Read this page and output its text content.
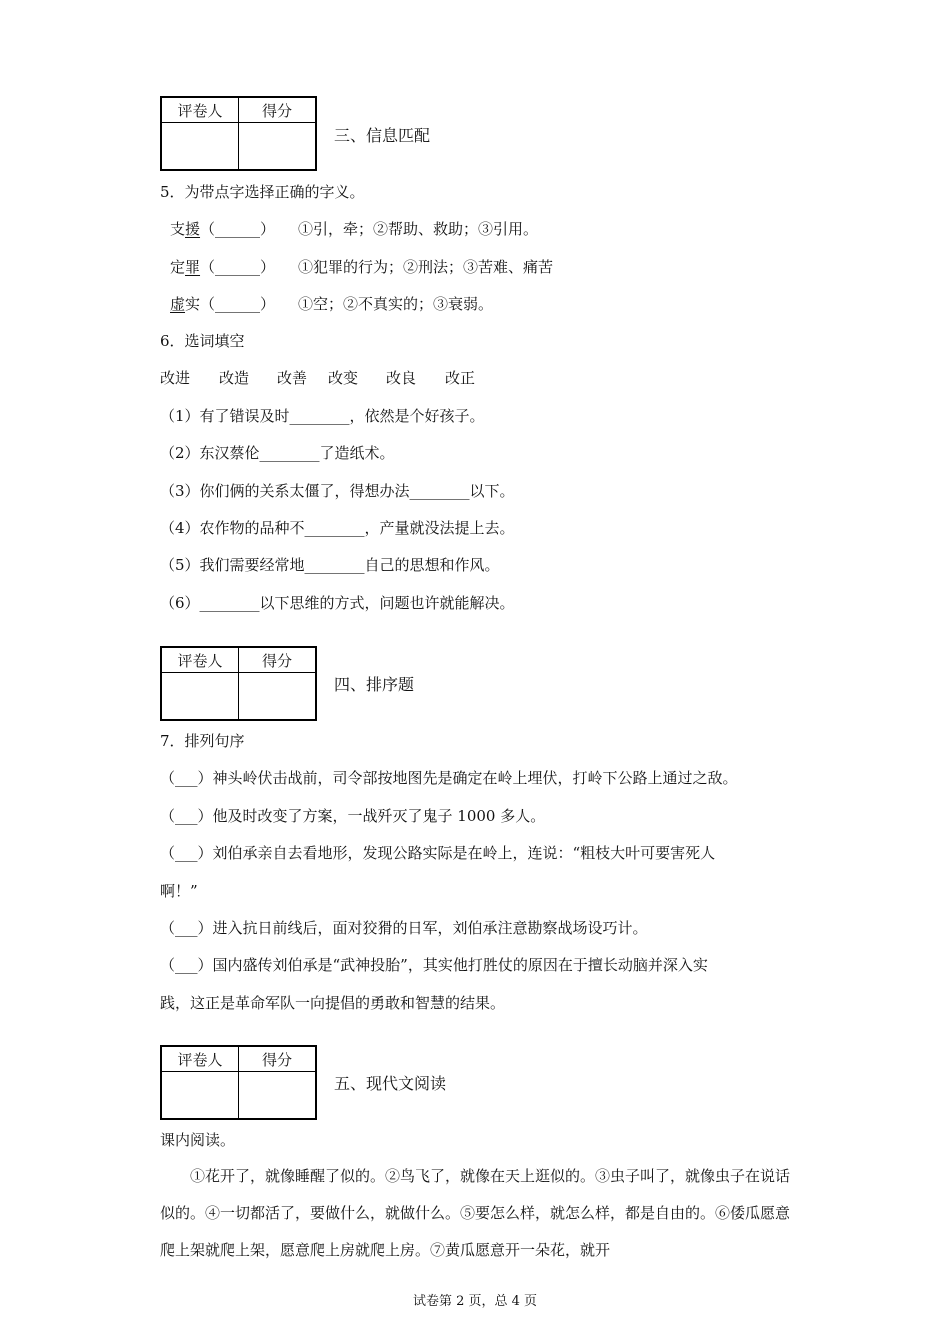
评卷人	得分

三、信息匹配
5．为带点字选择正确的字义。
支援（______） ①引，牵；②帮助、救助；③引用。
定罪（______） ①犯罪的行为；②刑法；③苦难、痛苦
虚实（______） ①空；②不真实的；③衰弱。
6．选词填空
改进 改造 改善 改变 改良 改正
（1）有了错误及时________，依然是个好孩子。
（2）东汉蔡伦________了造纸术。
（3）你们俩的关系太僵了，得想办法________以下。
（4）农作物的品种不________，产量就没法提上去。
（5）我们需要经常地________自己的思想和作风。
（6）________以下思维的方式，问题也许就能解决。
评卷人	得分

四、排序题
7．排列句序
（___）神头岭伏击战前，司令部按地图先是确定在岭上埋伏，打岭下公路上通过之敌。
（___）他及时改变了方案，一战歼灭了鬼子 1000 多人。
（___）刘伯承亲自去看地形，发现公路实际是在岭上，连说：“粗枝大叶可要害死人
啊！”
（___）进入抗日前线后，面对狡猾的日军，刘伯承注意勘察战场设巧计。
（___）国内盛传刘伯承是“武神投胎”，其实他打胜仗的原因在于擅长动脑并深入实
践，这正是革命军队一向提倡的勇敢和智慧的结果。
评卷人	得分

五、现代文阅读
课内阅读。
①花开了，就像睡醒了似的。②鸟飞了，就像在天上逛似的。③虫子叫了，就像虫子在说话似的。④一切都活了，要做什么，就做什么。⑤要怎么样，就怎么样，都是自由的。⑥倭瓜愿意爬上架就爬上架，愿意爬上房就爬上房。⑦黄瓜愿意开一朵花，就开
试卷第 2 页，总 4 页
